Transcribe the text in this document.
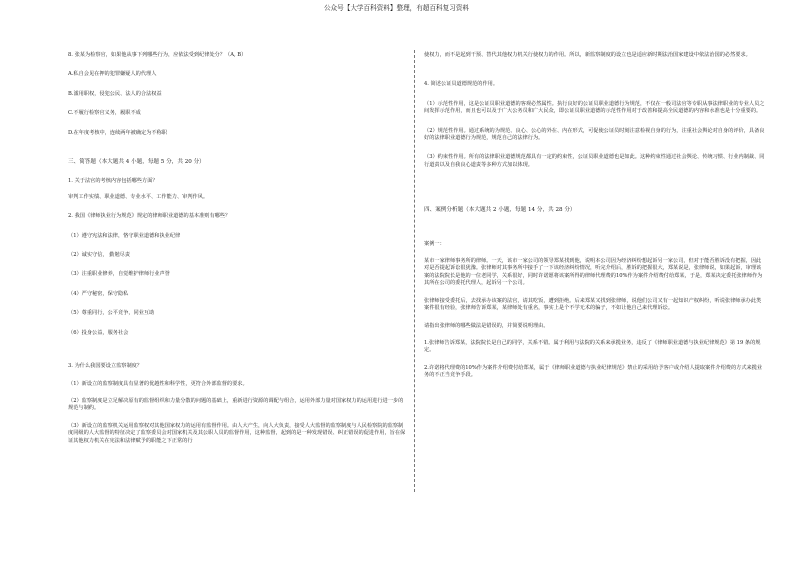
公众号【大学百科资料】整理，有超百科复习资料

8. 张某为检察官，如果他从事下列哪些行为，应依法受到纪律处分？（A, B）

A.私自会见在押的犯罪嫌疑人的代理人

B.滥用职权，侵犯公民、法人的合法权益

C.不履行检察官义务，履职不成

D.在年度考核中，连续两年被确定为不称职

三、简答题（本大题共 4 小题，每题 5 分，共 20 分）

1. 关于法官的考核内容包括哪些方面？

审判工作实绩、职业道德、专业水平、工作能力、审判作风。

2. 我国《律师执业行为规范》规定的律师职业道德的基本准则有哪些？

（1）遵守宪法和法律，恪守职业道德和执业纪律

（2）诚实守信， 勤勉尽责

（3）注重职业修养，自觉维护律师行业声誉

（4）严守秘密，保守隐私

（5）尊重同行，公平竞争，同业互助

（6）投身公益，服务社会

3. 为什么我国要设立监察制度？

（1）新设立的监察制度具有显著的优越性和科学性，更符合外部监督的要求。

（2）监察制度是立足解决原有的监督组织和力量分散的问题的基础上，重新进行资源的调配与组合，运用外部力量对国家权力的运用进行进一步的规范与制约。

（3）新设立的监察机关运用监察权对其他国家权力的运用有监督作用。由人大产生，向人大负责，接受人大监督的监察制度与人民检察院的监察制度同级的人大监督的特征决定了监察委员会对国家机关及其公职人员的监督作用，这种监督，起到的是一种发现错误、纠正错误的促进作用，旨在保证其他权力机关在宪法和法律赋予的职能之下正常的行

使权力，而不是起到干预、替代其他权力机关行使权力的作用。所以，新监察制度的设立也是适应新时期法治国家建设中依法治国的必然要求。

4. 简述公证员道德规范的作用。

（1）示范性作用，这是公证员职业道德的客观必然属性。执行良好的公证员职业道德行为规范，不仅在一般司法官等专职从事法律职业的专业人员之间发挥示范作用，而且也可以及于广大公务员和广大民众，即公证员职业道德的示范性作用对于改善和提高全民道德的内容和水准也是十分重要的。

（2）规范性作用。通过系统的为规范、良心、公心的外在、内在形式，可促使公证员时刻注意检视自身的行为，注重社会舆论对自身的评价，具备良好的法律职业道德行为规范，规范自己的法律行为。

（3）约束性作用。所有的法律职业道德规范都具有一定的约束性，公证员职业道德也是如此。这种约束性通过社会舆论、传统习惯、行业内制裁、同行道责以及自我良心道责等多种方式加以体现。

四、案例分析题（本大题共 2 小题，每题 14 分，共 28 分）

案例一：

某市一家律师事务所的律师。一天，该市一家公司的领导郑某找到他，说明本公司因为经济纠纷想起诉另一家公司，但对于能否胜诉没有把握，因此对是否提起诉讼很犹豫。张律师对其事务所中接手了一下该经济纠纷情况，听完介绍后，胜诉的把握很大，郑某说是，张律师说，如果起诉，审理该案的法院院长是他的一位老同学，关系很好，同时许诺愿将该案所得的律师代理费的10%作为案件介绍费付给郑某，于是，郑某决定委托张律师作为其所在公司的委托代理人，起诉另一个公司。

张律师接受委托后，去找承办该案的法官，请其吃饭，遭到拒绝。后来郑某又找到张律师，说他们公司又有一起知识产权纠纷，听说张律师承办此类案件很有经验，张律师告诉郑某，某律师处有重名，事实上是个不学无术的骗子，不如让他自己来代理诉讼。

请指出张律师的哪些做法是错误的，并简要说明理由。

1.张律师告诉郑某，法院院长是自己的同学，关系不错。属于利用与法院的关系来承揽业务，违反了《律师职业道德与执业纪律规范》第 19 条的规定。

2.许诺将代理费的10%作为案件介绍费付给郑某，属于《律师职业道德与执业纪律规范》禁止的采用给予客户或介绍人提取案件介绍费的方式来揽业务的不正当竞争手段。
